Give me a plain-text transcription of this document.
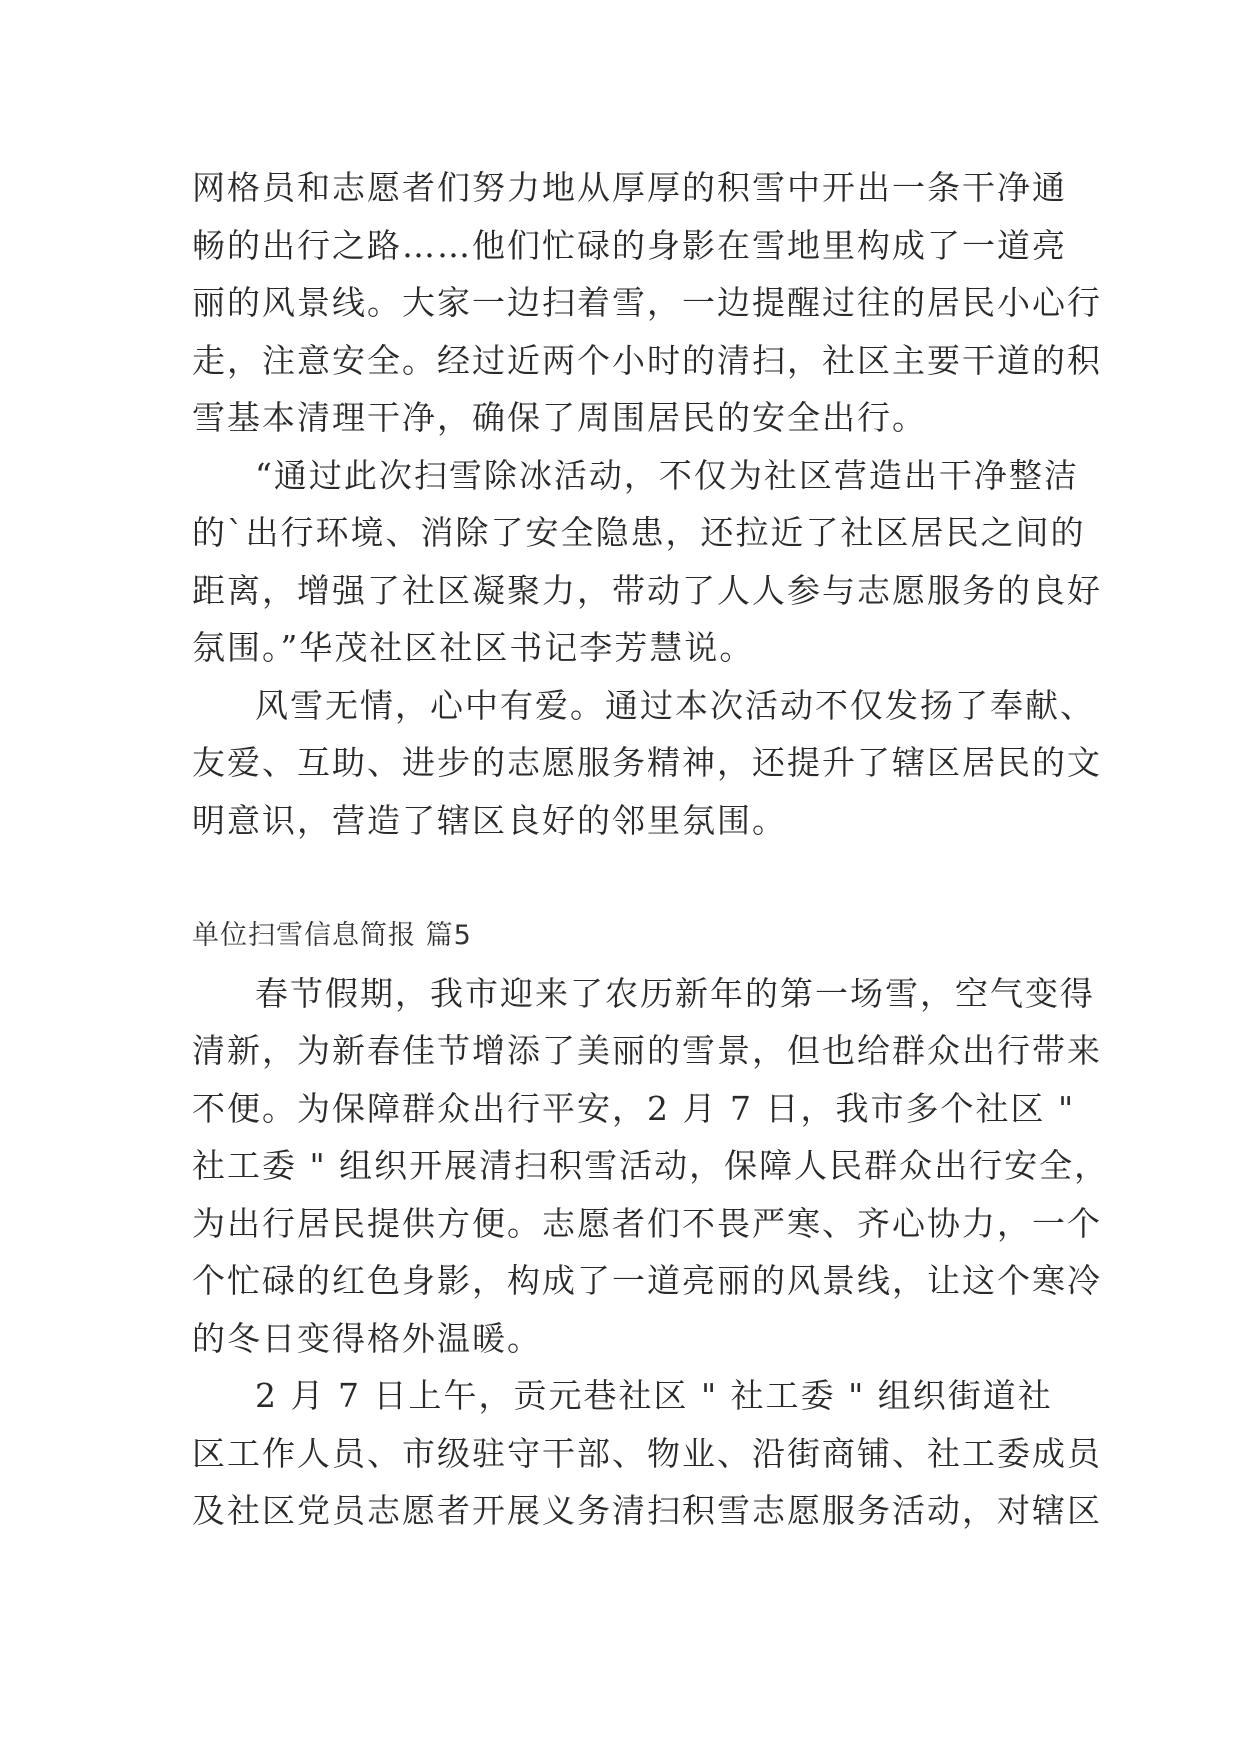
网格员和志愿者们努力地从厚厚的积雪中开出一条干净通

畅的出行之路……他们忙碌的身影在雪地里构成了一道亮

丽的风景线。大家一边扫着雪，一边提醒过往的居民小心行

走，注意安全。经过近两个小时的清扫，社区主要干道的积

雪基本清理干净，确保了周围居民的安全出行。

“通过此次扫雪除冰活动，不仅为社区营造出干净整洁

的`出行环境、消除了安全隐患，还拉近了社区居民之间的

距离，增强了社区凝聚力，带动了人人参与志愿服务的良好

氛围。”华茂社区社区书记李芳慧说。

风雪无情，心中有爱。通过本次活动不仅发扬了奉献、

友爱、互助、进步的志愿服务精神，还提升了辖区居民的文

明意识，营造了辖区良好的邻里氛围。

单位扫雪信息简报 篇5

春节假期，我市迎来了农历新年的第一场雪，空气变得

清新，为新春佳节增添了美丽的雪景，但也给群众出行带来

不便。为保障群众出行平安，2 月 7 日，我市多个社区 "

社工委 " 组织开展清扫积雪活动，保障人民群众出行安全，

为出行居民提供方便。志愿者们不畏严寒、齐心协力，一个

个忙碌的红色身影，构成了一道亮丽的风景线，让这个寒冷

的冬日变得格外温暖。

2 月 7 日上午，贡元巷社区 " 社工委 " 组织街道社

区工作人员、市级驻守干部、物业、沿街商铺、社工委成员

及社区党员志愿者开展义务清扫积雪志愿服务活动，对辖区
